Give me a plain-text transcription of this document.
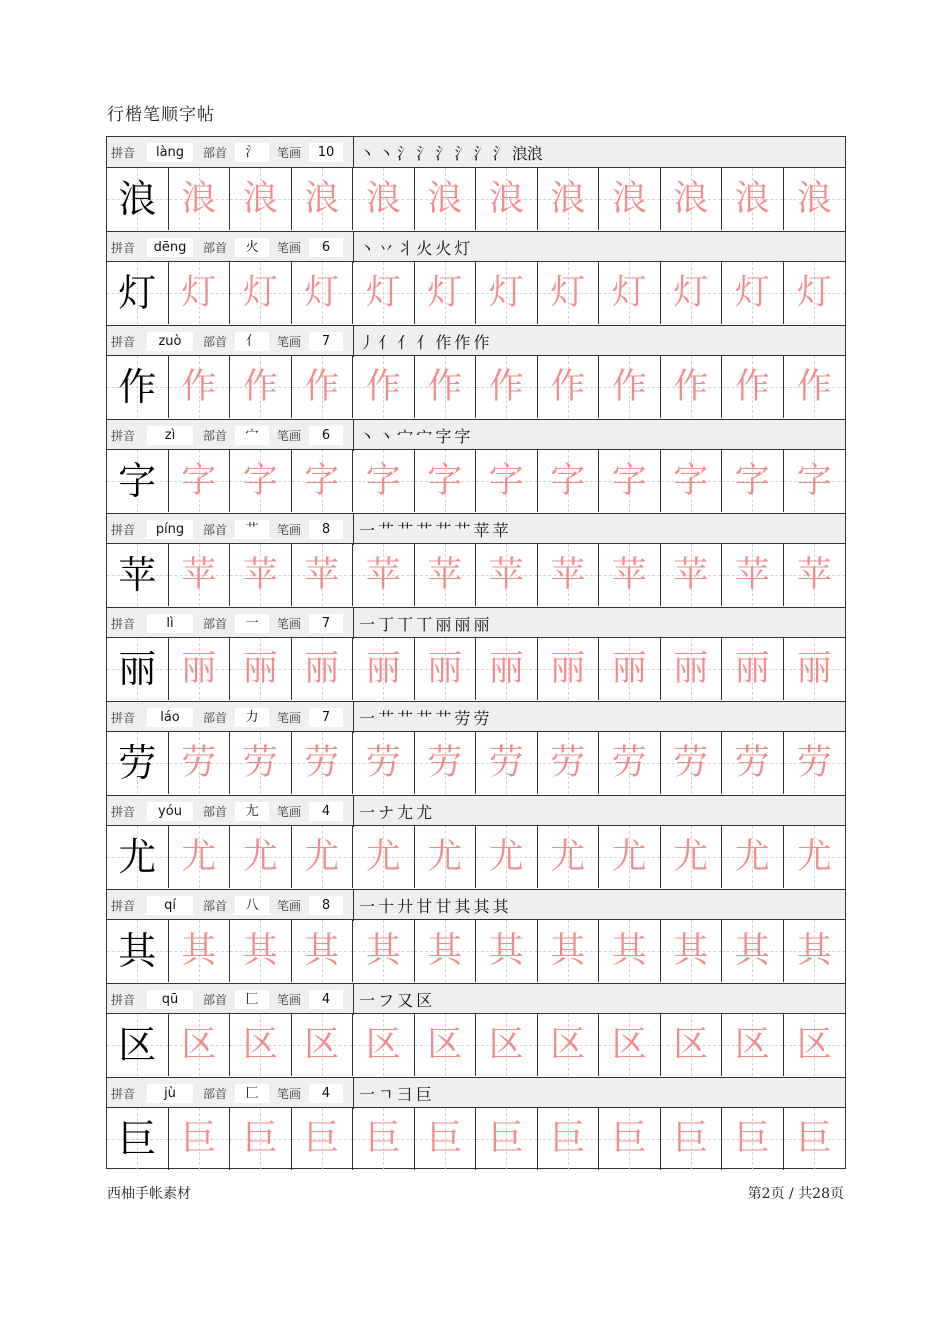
行楷笔顺字帖
拼音	làng	部首	氵	笔画	10	丶 丶 氵 氵 氵 氵 氵 氵 浪浪
浪 浪 浪 浪 浪 浪 浪 浪 浪 浪 浪 浪
拼音	dēng	部首	火	笔画	6	丶 丷 丬 火 火 灯
灯 灯 灯 灯 灯 灯 灯 灯 灯 灯 灯 灯
拼音	zuò	部首	亻	笔画	7	丿 亻 亻 亻 作 作 作
作 作 作 作 作 作 作 作 作 作 作 作
拼音	zì	部首	宀	笔画	6	丶 丶 宀 宀 字 字
字 字 字 字 字 字 字 字 字 字 字 字
拼音	píng	部首	艹	笔画	8	一 艹 艹 艹 艹 艹 苹 苹
苹 苹 苹 苹 苹 苹 苹 苹 苹 苹 苹 苹
拼音	lì	部首	一	笔画	7	一 丁 丅 丅 丽 丽 丽
丽 丽 丽 丽 丽 丽 丽 丽 丽 丽 丽 丽
拼音	láo	部首	力	笔画	7	一 艹 艹 艹 艹 劳 劳
劳 劳 劳 劳 劳 劳 劳 劳 劳 劳 劳 劳
拼音	yóu	部首	尢	笔画	4	一 ナ 尢 尤
尤 尤 尤 尤 尤 尤 尤 尤 尤 尤 尤 尤
拼音	qí	部首	八	笔画	8	一 十 廾 甘 甘 其 其 其
其 其 其 其 其 其 其 其 其 其 其 其
拼音	qū	部首	匚	笔画	4	一 フ 又 区
区 区 区 区 区 区 区 区 区 区 区 区
拼音	jù	部首	匚	笔画	4	一 ㄱ 彐 巨
巨 巨 巨 巨 巨 巨 巨 巨 巨 巨 巨 巨
西柚手帐素材	第2页 / 共28页
